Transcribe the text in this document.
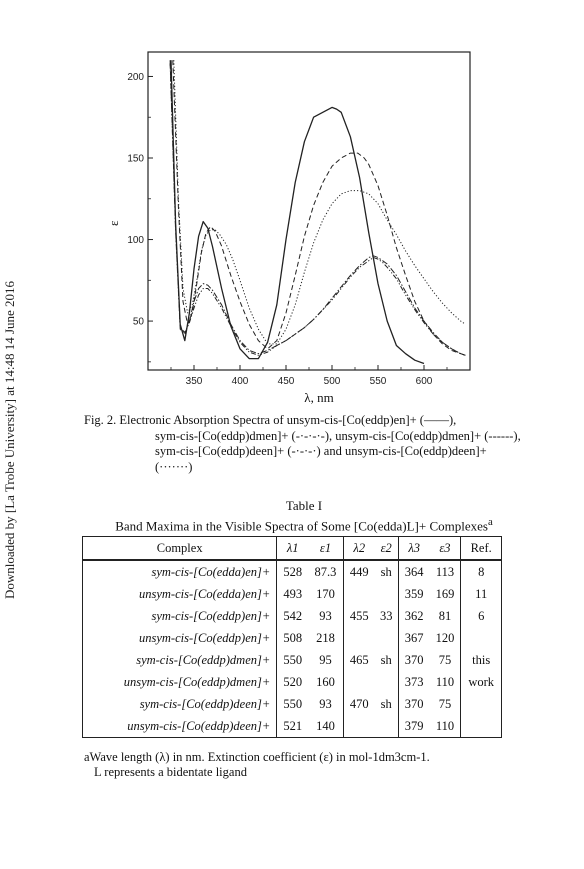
Downloaded by [La Trobe University] at 14:48 14 June 2016	350	400	450	500	550	600
50
100
150
200
λ, nm
ε
Fig. 2. Electronic Absorption Spectra of unsym-cis-[Co(eddp)en]+ (——),
sym-cis-[Co(eddp)dmen]+ (-·-·-·-), unsym-cis-[Co(eddp)dmen]+ (------),
sym-cis-[Co(eddp)deen]+ (-·-·-·) and unsym-cis-[Co(eddp)deen]+
(·······)
Table I
Band Maxima in the Visible Spectra of Some [Co(edda)L]+ Complexes$^a$
Complex	λ1	ε1	λ2	ε2	λ3	ε3	Ref.
sym-cis-[Co(edda)en]+	528	87.3	449	sh	364	113	8
unsym-cis-[Co(edda)en]+	493	170			359	169	11
sym-cis-[Co(eddp)en]+	542	93	455	33	362	81	6
unsym-cis-[Co(eddp)en]+	508	218			367	120	
sym-cis-[Co(eddp)dmen]+	550	95	465	sh	370	75	this
unsym-cis-[Co(eddp)dmen]+	520	160			373	110	work
sym-cis-[Co(eddp)deen]+	550	93	470	sh	370	75	
unsym-cis-[Co(eddp)deen]+	521	140			379	110	
aWave length (λ) in nm. Extinction coefficient (ε) in mol-1dm3cm-1.
L represents a bidentate ligand
